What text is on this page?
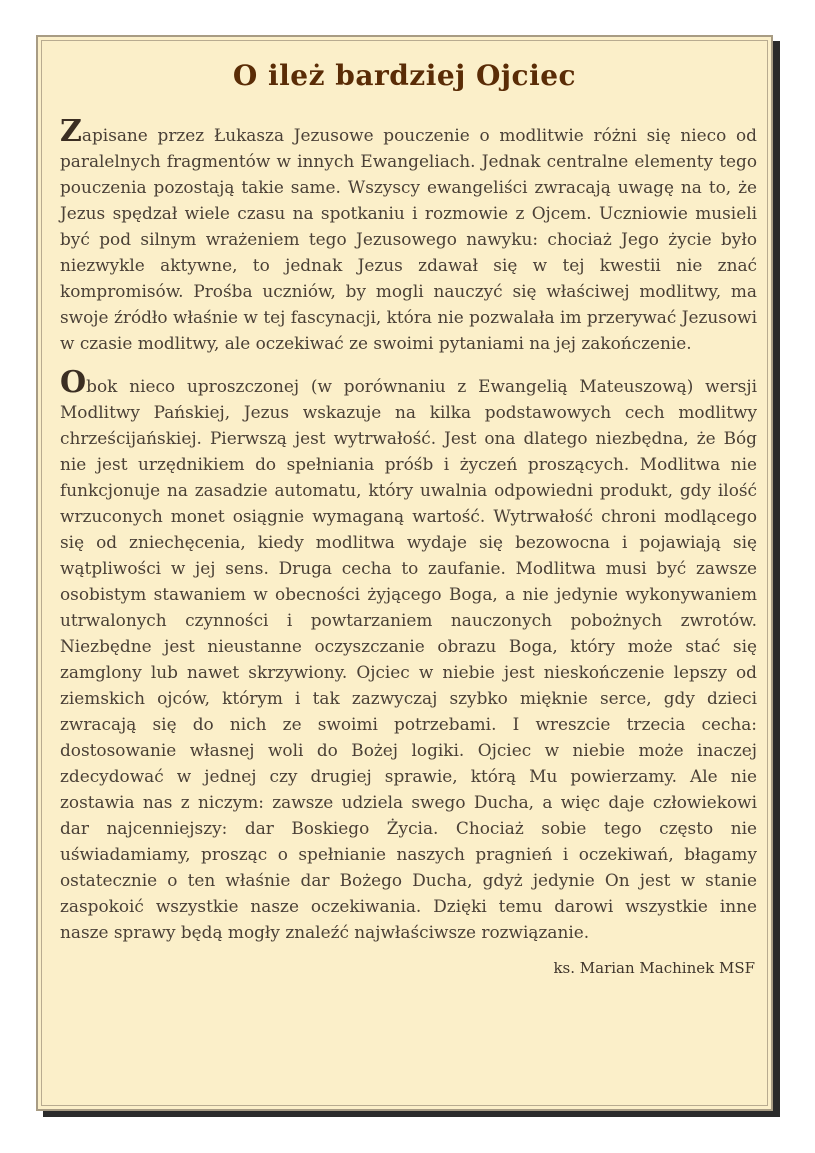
O ileż bardziej Ojciec

Zapisane przez Łukasza Jezusowe pouczenie o modlitwie różni się nieco od paralelnych fragmentów w innych Ewangeliach. Jednak centralne elementy tego pouczenia pozostają takie same. Wszyscy ewangeliści zwracają uwagę na to, że Jezus spędzał wiele czasu na spotkaniu i rozmowie z Ojcem. Uczniowie musieli być pod silnym wrażeniem tego Jezusowego nawyku: chociaż Jego życie było niezwykle aktywne, to jednak Jezus zdawał się w tej kwestii nie znać kompromisów. Prośba uczniów, by mogli nauczyć się właściwej modlitwy, ma swoje źródło właśnie w tej fascynacji, która nie pozwalała im przerywać Jezusowi w czasie modlitwy, ale oczekiwać ze swoimi pytaniami na jej zakończenie.

Obok nieco uproszczonej (w porównaniu z Ewangelią Mateuszową) wersji Modlitwy Pańskiej, Jezus wskazuje na kilka podstawowych cech modlitwy chrześcijańskiej. Pierwszą jest wytrwałość. Jest ona dlatego niezbędna, że Bóg nie jest urzędnikiem do spełniania próśb i życzeń proszących. Modlitwa nie funkcjonuje na zasadzie automatu, który uwalnia odpowiedni produkt, gdy ilość wrzuconych monet osiągnie wymaganą wartość. Wytrwałość chroni modlącego się od zniechęcenia, kiedy modlitwa wydaje się bezowocna i pojawiają się wątpliwości w jej sens. Druga cecha to zaufanie. Modlitwa musi być zawsze osobistym stawaniem w obecności żyjącego Boga, a nie jedynie wykonywaniem utrwalonych czynności i powtarzaniem nauczonych pobożnych zwrotów. Niezbędne jest nieustanne oczyszczanie obrazu Boga, który może stać się zamglony lub nawet skrzywiony. Ojciec w niebie jest nieskończenie lepszy od ziemskich ojców, którym i tak zazwyczaj szybko mięknie serce, gdy dzieci zwracają się do nich ze swoimi potrzebami. I wreszcie trzecia cecha: dostosowanie własnej woli do Bożej logiki. Ojciec w niebie może inaczej zdecydować w jednej czy drugiej sprawie, którą Mu powierzamy. Ale nie zostawia nas z niczym: zawsze udziela swego Ducha, a więc daje człowiekowi dar najcenniejszy: dar Boskiego Życia. Chociaż sobie tego często nie uświadamiamy, prosząc o spełnianie naszych pragnień i oczekiwań, błagamy ostatecznie o ten właśnie dar Bożego Ducha, gdyż jedynie On jest w stanie zaspokoić wszystkie nasze oczekiwania. Dzięki temu darowi wszystkie inne nasze sprawy będą mogły znaleźć najwłaściwsze rozwiązanie.

ks. Marian Machinek MSF
